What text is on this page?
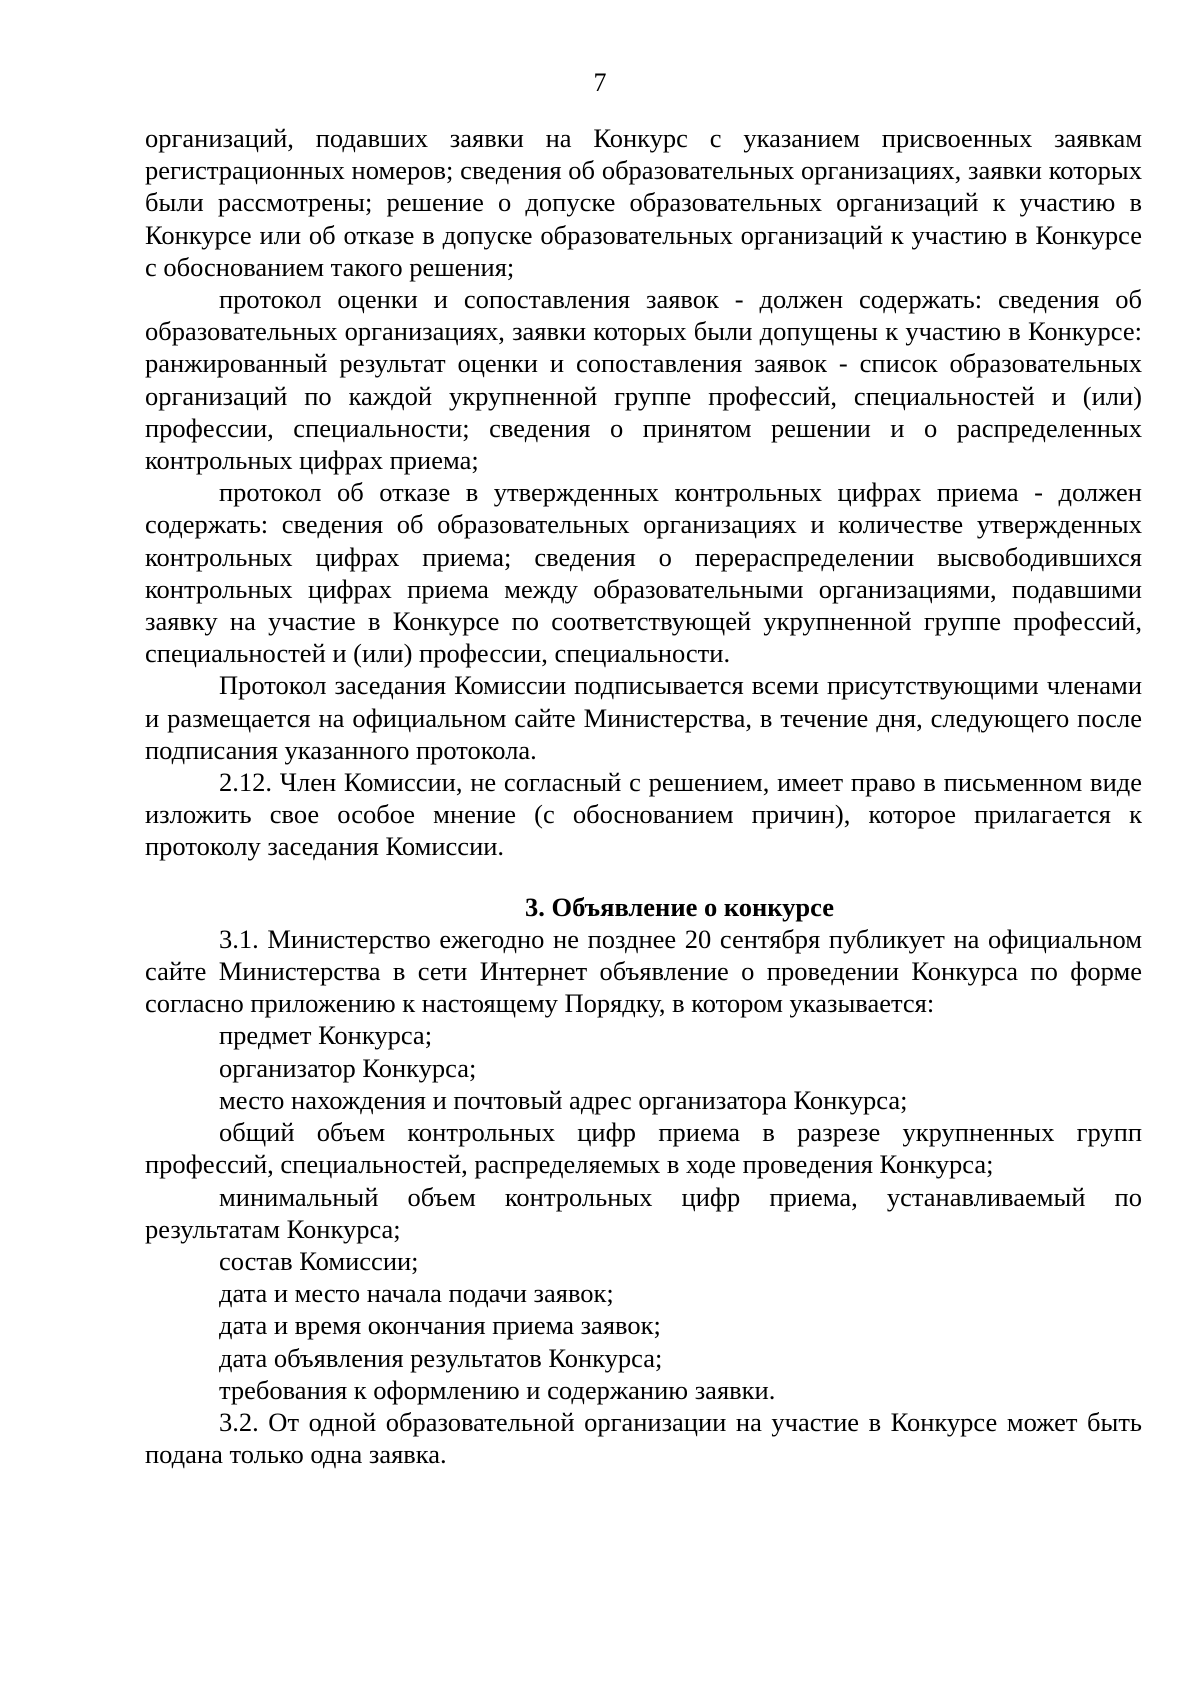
7

организаций, подавших заявки на Конкурс с указанием присвоенных заявкам регистрационных номеров; сведения об образовательных организациях, заявки которых были рассмотрены; решение о допуске образовательных организаций к участию в Конкурсе или об отказе в допуске образовательных организаций к участию в Конкурсе с обоснованием такого решения;

протокол оценки и сопоставления заявок - должен содержать: сведения об образовательных организациях, заявки которых были допущены к участию в Конкурсе: ранжированный результат оценки и сопоставления заявок - список образовательных организаций по каждой укрупненной группе профессий, специальностей и (или) профессии, специальности; сведения о принятом решении и о распределенных контрольных цифрах приема;

протокол об отказе в утвержденных контрольных цифрах приема - должен содержать: сведения об образовательных организациях и количестве утвержденных контрольных цифрах приема; сведения о перераспределении высвободившихся контрольных цифрах приема между образовательными организациями, подавшими заявку на участие в Конкурсе по соответствующей укрупненной группе профессий, специальностей и (или) профессии, специальности.

Протокол заседания Комиссии подписывается всеми присутствующими членами и размещается на официальном сайте Министерства, в течение дня, следующего после подписания указанного протокола.

2.12. Член Комиссии, не согласный с решением, имеет право в письменном виде изложить свое особое мнение (с обоснованием причин), которое прилагается к протоколу заседания Комиссии.

3. Объявление о конкурсе

3.1. Министерство ежегодно не позднее 20 сентября публикует на официальном сайте Министерства в сети Интернет объявление о проведении Конкурса по форме согласно приложению к настоящему Порядку, в котором указывается:

предмет Конкурса;

организатор Конкурса;

место нахождения и почтовый адрес организатора Конкурса;

общий объем контрольных цифр приема в разрезе укрупненных групп профессий, специальностей, распределяемых в ходе проведения Конкурса;

минимальный объем контрольных цифр приема, устанавливаемый по результатам Конкурса;

состав Комиссии;

дата и место начала подачи заявок;

дата и время окончания приема заявок;

дата объявления результатов Конкурса;

требования к оформлению и содержанию заявки.

3.2. От одной образовательной организации на участие в Конкурсе может быть подана только одна заявка.
